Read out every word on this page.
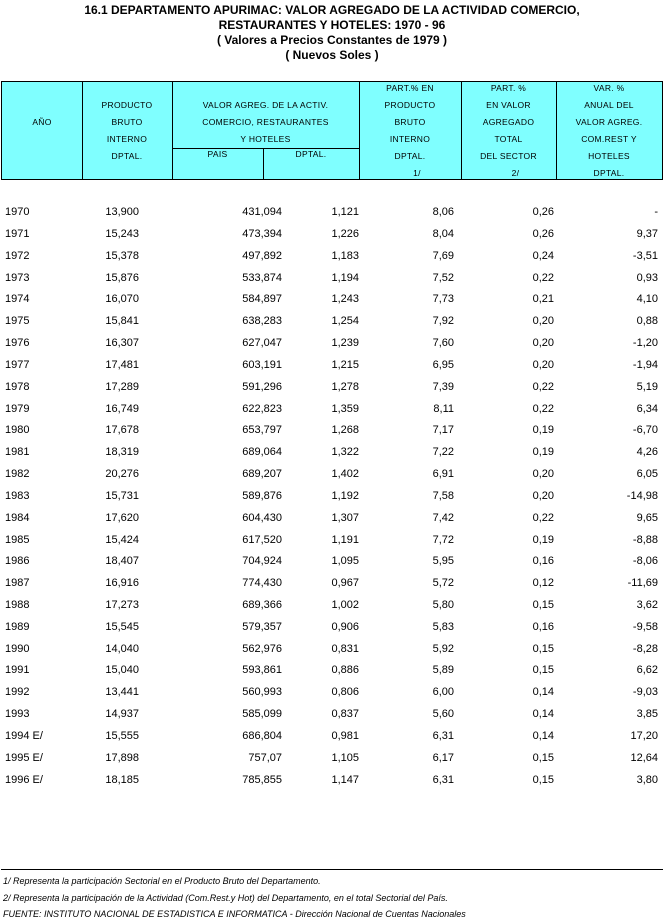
16.1 DEPARTAMENTO APURIMAC: VALOR AGREGADO DE LA ACTIVIDAD COMERCIO,
RESTAURANTES Y HOTELES: 1970 - 96
( Valores a Precios Constantes de 1979 )
( Nuevos Soles )
AÑO
PRODUCTO
BRUTO
INTERNO
DPTAL.
VALOR AGREG. DE LA ACTIV.
COMERCIO, RESTAURANTES
Y HOTELES
PAIS	DPTAL.
PART.% EN
PRODUCTO
BRUTO
INTERNO
DPTAL.
1/
PART. %
EN VALOR
AGREGADO
TOTAL
DEL SECTOR
2/
VAR. %
ANUAL DEL
VALOR AGREG.
COM.REST Y
HOTELES
DPTAL.
1970	13,900	431,094	1,121	8,06	0,26	-
1971	15,243	473,394	1,226	8,04	0,26	9,37
1972	15,378	497,892	1,183	7,69	0,24	-3,51
1973	15,876	533,874	1,194	7,52	0,22	0,93
1974	16,070	584,897	1,243	7,73	0,21	4,10
1975	15,841	638,283	1,254	7,92	0,20	0,88
1976	16,307	627,047	1,239	7,60	0,20	-1,20
1977	17,481	603,191	1,215	6,95	0,20	-1,94
1978	17,289	591,296	1,278	7,39	0,22	5,19
1979	16,749	622,823	1,359	8,11	0,22	6,34
1980	17,678	653,797	1,268	7,17	0,19	-6,70
1981	18,319	689,064	1,322	7,22	0,19	4,26
1982	20,276	689,207	1,402	6,91	0,20	6,05
1983	15,731	589,876	1,192	7,58	0,20	-14,98
1984	17,620	604,430	1,307	7,42	0,22	9,65
1985	15,424	617,520	1,191	7,72	0,19	-8,88
1986	18,407	704,924	1,095	5,95	0,16	-8,06
1987	16,916	774,430	0,967	5,72	0,12	-11,69
1988	17,273	689,366	1,002	5,80	0,15	3,62
1989	15,545	579,357	0,906	5,83	0,16	-9,58
1990	14,040	562,976	0,831	5,92	0,15	-8,28
1991	15,040	593,861	0,886	5,89	0,15	6,62
1992	13,441	560,993	0,806	6,00	0,14	-9,03
1993	14,937	585,099	0,837	5,60	0,14	3,85
1994 E/	15,555	686,804	0,981	6,31	0,14	17,20
1995 E/	17,898	757,07	1,105	6,17	0,15	12,64
1996 E/	18,185	785,855	1,147	6,31	0,15	3,80
1/ Representa la participación Sectorial en el Producto Bruto del Departamento.
2/ Representa la participación de la Actividad (Com.Rest.y Hot) del Departamento, en el total Sectorial del País.
FUENTE: INSTITUTO NACIONAL DE ESTADISTICA E INFORMATICA - Dirección Nacional de Cuentas Nacionales
